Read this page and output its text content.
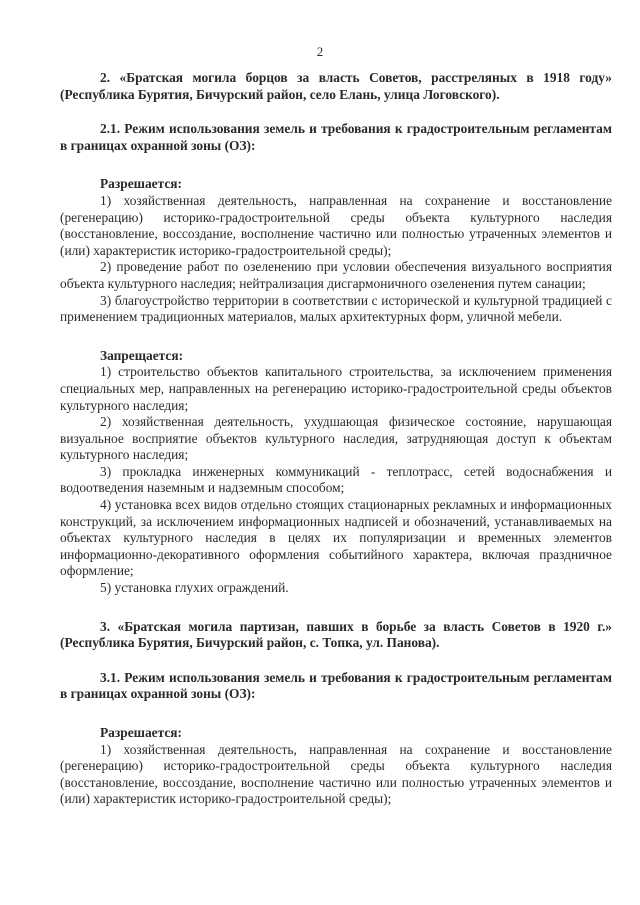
2

2. «Братская могила борцов за власть Советов, расстреляных в 1918 году» (Республика Бурятия, Бичурский район, село Елань, улица Логовского).

2.1. Режим использования земель и требования к градостроительным регламентам в границах охранной зоны (ОЗ):

Разрешается:

1) хозяйственная деятельность, направленная на сохранение и восстановление (регенерацию) историко-градостроительной среды объекта культурного наследия (восстановление, воссоздание, восполнение частично или полностью утраченных элементов и (или) характеристик историко-градостроительной среды);

2) проведение работ по озеленению при условии обеспечения визуального восприятия объекта культурного наследия; нейтрализация дисгармоничного озеленения путем санации;

3) благоустройство территории в соответствии с исторической и культурной традицией с применением традиционных материалов, малых архитектурных форм, уличной мебели.

Запрещается:

1) строительство объектов капитального строительства, за исключением применения специальных мер, направленных на регенерацию историко-градостроительной среды объектов культурного наследия;

2) хозяйственная деятельность, ухудшающая физическое состояние, нарушающая визуальное восприятие объектов культурного наследия, затрудняющая доступ к объектам культурного наследия;

3) прокладка инженерных коммуникаций - теплотрасс, сетей водоснабжения и водоотведения наземным и надземным способом;

4) установка всех видов отдельно стоящих стационарных рекламных и информационных конструкций, за исключением информационных надписей и обозначений, устанавливаемых на объектах культурного наследия в целях их популяризации и временных элементов информационно-декоративного оформления событийного характера, включая праздничное оформление;

5) установка глухих ограждений.

3. «Братская могила партизан, павших в борьбе за власть Советов в 1920 г.» (Республика Бурятия, Бичурский район, с. Топка, ул. Панова).

3.1. Режим использования земель и требования к градостроительным регламентам в границах охранной зоны (ОЗ):

Разрешается:

1) хозяйственная деятельность, направленная на сохранение и восстановление (регенерацию) историко-градостроительной среды объекта культурного наследия (восстановление, воссоздание, восполнение частично или полностью утраченных элементов и (или) характеристик историко-градостроительной среды);
